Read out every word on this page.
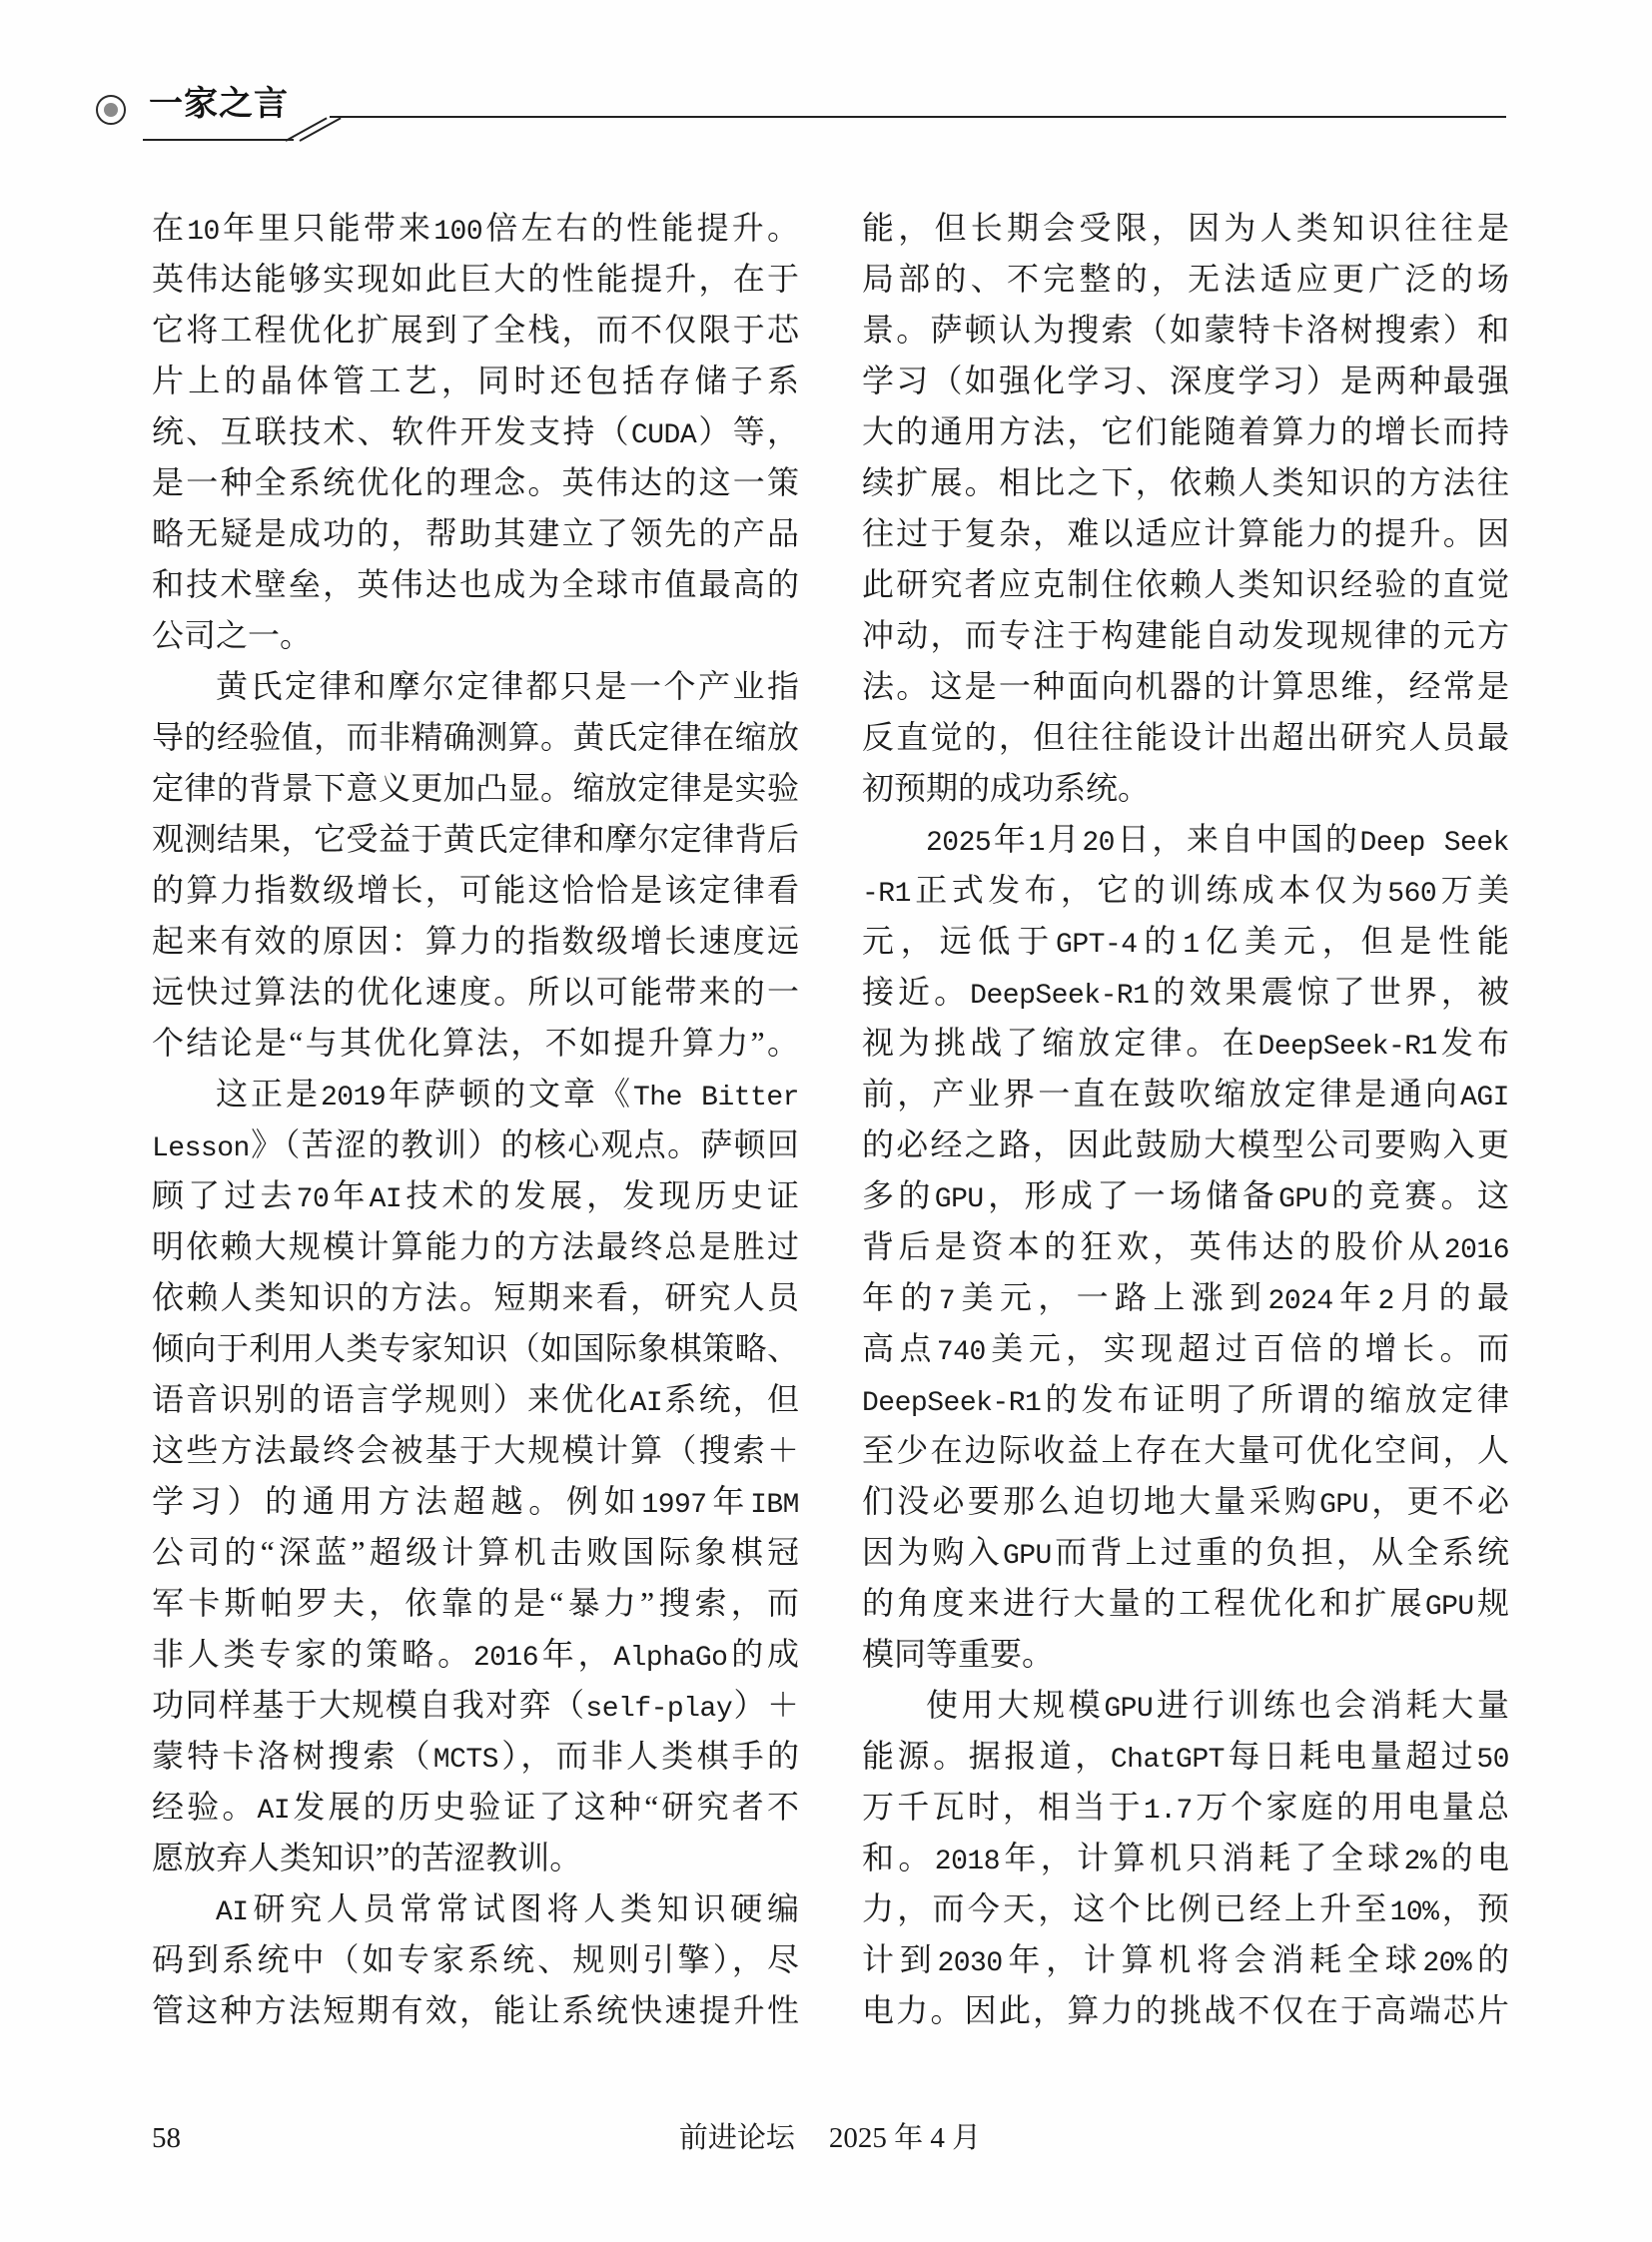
一家之言
在10年里只能带来100倍左右的性能提升。
英伟达能够实现如此巨大的性能提升，在于
它将工程优化扩展到了全栈，而不仅限于芯
片上的晶体管工艺，同时还包括存储子系
统、互联技术、软件开发支持（CUDA）等，
是一种全系统优化的理念。英伟达的这一策
略无疑是成功的，帮助其建立了领先的产品
和技术壁垒，英伟达也成为全球市值最高的
公司之一。
黄氏定律和摩尔定律都只是一个产业指
导的经验值，而非精确测算。黄氏定律在缩放
定律的背景下意义更加凸显。缩放定律是实验
观测结果，它受益于黄氏定律和摩尔定律背后
的算力指数级增长，可能这恰恰是该定律看
起来有效的原因：算力的指数级增长速度远
远快过算法的优化速度。所以可能带来的一
个结论是“与其优化算法，不如提升算力”。
这正是2019年萨顿的文章《The Bitter
Lesson》（苦涩的教训）的核心观点。萨顿回
顾了过去70年AI技术的发展，发现历史证
明依赖大规模计算能力的方法最终总是胜过
依赖人类知识的方法。短期来看，研究人员
倾向于利用人类专家知识（如国际象棋策略、
语音识别的语言学规则）来优化AI系统，但
这些方法最终会被基于大规模计算（搜索＋
学习）的通用方法超越。例如1997年IBM
公司的“深蓝”超级计算机击败国际象棋冠
军卡斯帕罗夫，依靠的是“暴力”搜索，而
非人类专家的策略。2016年，AlphaGo的成
功同样基于大规模自我对弈（self-play）＋
蒙特卡洛树搜索（MCTS），而非人类棋手的
经验。AI发展的历史验证了这种“研究者不
愿放弃人类知识”的苦涩教训。
AI研究人员常常试图将人类知识硬编
码到系统中（如专家系统、规则引擎），尽
管这种方法短期有效，能让系统快速提升性
能，但长期会受限，因为人类知识往往是
局部的、不完整的，无法适应更广泛的场
景。萨顿认为搜索（如蒙特卡洛树搜索）和
学习（如强化学习、深度学习）是两种最强
大的通用方法，它们能随着算力的增长而持
续扩展。相比之下，依赖人类知识的方法往
往过于复杂，难以适应计算能力的提升。因
此研究者应克制住依赖人类知识经验的直觉
冲动，而专注于构建能自动发现规律的元方
法。这是一种面向机器的计算思维，经常是
反直觉的，但往往能设计出超出研究人员最
初预期的成功系统。
2025年1月20日，来自中国的Deep Seek
-R1正式发布，它的训练成本仅为560万美
元，远低于GPT-4的1亿美元，但是性能
接近。DeepSeek-R1的效果震惊了世界，被
视为挑战了缩放定律。在DeepSeek-R1发布
前，产业界一直在鼓吹缩放定律是通向AGI
的必经之路，因此鼓励大模型公司要购入更
多的GPU，形成了一场储备GPU的竞赛。这
背后是资本的狂欢，英伟达的股价从2016
年的7美元，一路上涨到2024年2月的最
高点740美元，实现超过百倍的增长。而
DeepSeek-R1的发布证明了所谓的缩放定律
至少在边际收益上存在大量可优化空间，人
们没必要那么迫切地大量采购GPU，更不必
因为购入GPU而背上过重的负担，从全系统
的角度来进行大量的工程优化和扩展GPU规
模同等重要。
使用大规模GPU进行训练也会消耗大量
能源。据报道，ChatGPT每日耗电量超过50
万千瓦时，相当于1.7万个家庭的用电量总
和。2018年，计算机只消耗了全球2%的电
力，而今天，这个比例已经上升至10%，预
计到2030年，计算机将会消耗全球20%的
电力。因此，算力的挑战不仅在于高端芯片
58	前进论坛 2025 年 4 月
